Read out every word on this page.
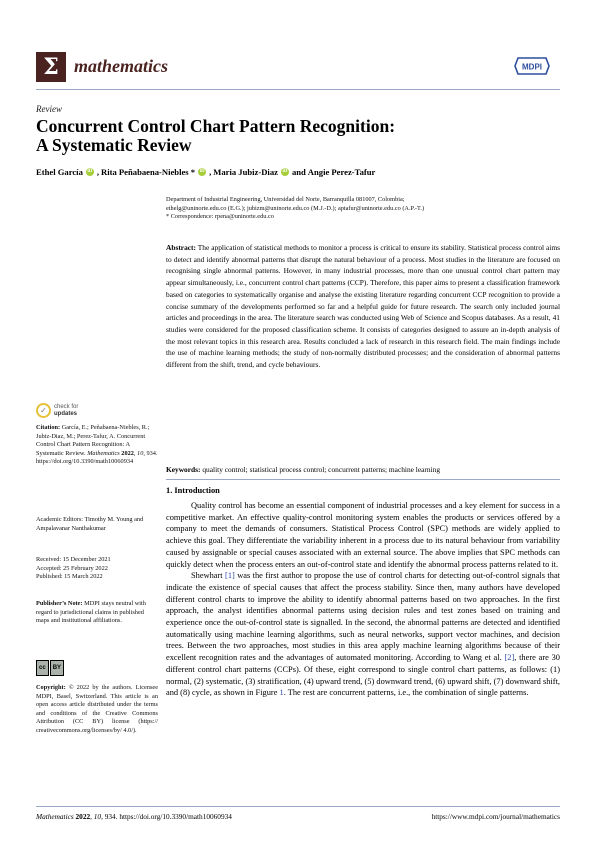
Σ mathematics	MDPI
Review
Concurrent Control Chart Pattern Recognition:
A Systematic Review
Ethel García iD , Rita Peñabaena-Niebles * iD , Maria Jubiz-Diaz iD and Angie Perez-Tafur
Department of Industrial Engineering, Universidad del Norte, Barranquilla 081007, Colombia;
ethelg@uninorte.edu.co (E.G.); jubizm@uninorte.edu.co (M.J.-D.); aptafur@uninorte.edu.co (A.P.-T.)
* Correspondence: rpena@uninorte.edu.co
Abstract: The application of statistical methods to monitor a process is critical to ensure its stability. Statistical process control aims to detect and identify abnormal patterns that disrupt the natural behaviour of a process. Most studies in the literature are focused on recognising single abnormal patterns. However, in many industrial processes, more than one unusual control chart pattern may appear simultaneously, i.e., concurrent control chart patterns (CCP). Therefore, this paper aims to present a classification framework based on categories to systematically organise and analyse the existing literature regarding concurrent CCP recognition to provide a concise summary of the developments performed so far and a helpful guide for future research. The search only included journal articles and proceedings in the area. The literature search was conducted using Web of Science and Scopus databases. As a result, 41 studies were considered for the proposed classification scheme. It consists of categories designed to assure an in-depth analysis of the most relevant topics in this research area. Results concluded a lack of research in this research field. The main findings include the use of machine learning methods; the study of non-normally distributed processes; and the consideration of abnormal patterns different from the shift, trend, and cycle behaviours.
Keywords: quality control; statistical process control; concurrent patterns; machine learning
1. Introduction

Quality control has become an essential component of industrial processes and a key element for success in a competitive market. An effective quality-control monitoring system enables the products or services offered by a company to meet the demands of consumers. Statistical Process Control (SPC) methods are widely applied to achieve this goal. They differentiate the variability inherent in a process due to its natural behaviour from variability caused by assignable or special causes associated with an external source. The above implies that SPC methods can quickly detect when the process enters an out-of-control state and identify the abnormal process patterns related to it.

Shewhart [1] was the first author to propose the use of control charts for detecting out-of-control signals that indicate the existence of special causes that affect the process stability. Since then, many authors have developed different control charts to improve the ability to identify abnormal patterns based on two approaches. In the first approach, the analyst identifies abnormal patterns using decision rules and test zones based on training and experience once the out-of-control state is signalled. In the second, the abnormal patterns are detected and identified automatically using machine learning algorithms, such as neural networks, support vector machines, and decision trees. Between the two approaches, most studies in this area apply machine learning algorithms because of their excellent recognition rates and the advantages of automated monitoring. According to Wang et al. [2], there are 30 different control chart patterns (CCPs). Of these, eight correspond to single control chart patterns, as follows: (1) normal, (2) systematic, (3) stratification, (4) upward trend, (5) downward trend, (6) upward shift, (7) downward shift, and (8) cycle, as shown in Figure 1. The rest are concurrent patterns, i.e., the combination of single patterns.

✓	check for
updates

Citation: García, E.; Peñabaena-Niebles, R.; Jubiz-Diaz, M.; Perez-Tafur, A. Concurrent Control Chart Pattern Recognition: A Systematic Review. Mathematics 2022, 10, 934. https://doi.org/10.3390/math10060934

Academic Editors: Timothy M. Young and Ampalavanar Nanthakumar
Received: 15 December 2021
Accepted: 25 February 2022
Published: 15 March 2022
Publisher’s Note: MDPI stays neutral with regard to jurisdictional claims in published maps and institutional affiliations.
cc	BY
Copyright: © 2022 by the authors. Licensee MDPI, Basel, Switzerland. This article is an open access article distributed under the terms and conditions of the Creative Commons Attribution (CC BY) license (https:// creativecommons.org/licenses/by/ 4.0/).
Mathematics 2022, 10, 934. https://doi.org/10.3390/math10060934	https://www.mdpi.com/journal/mathematics
